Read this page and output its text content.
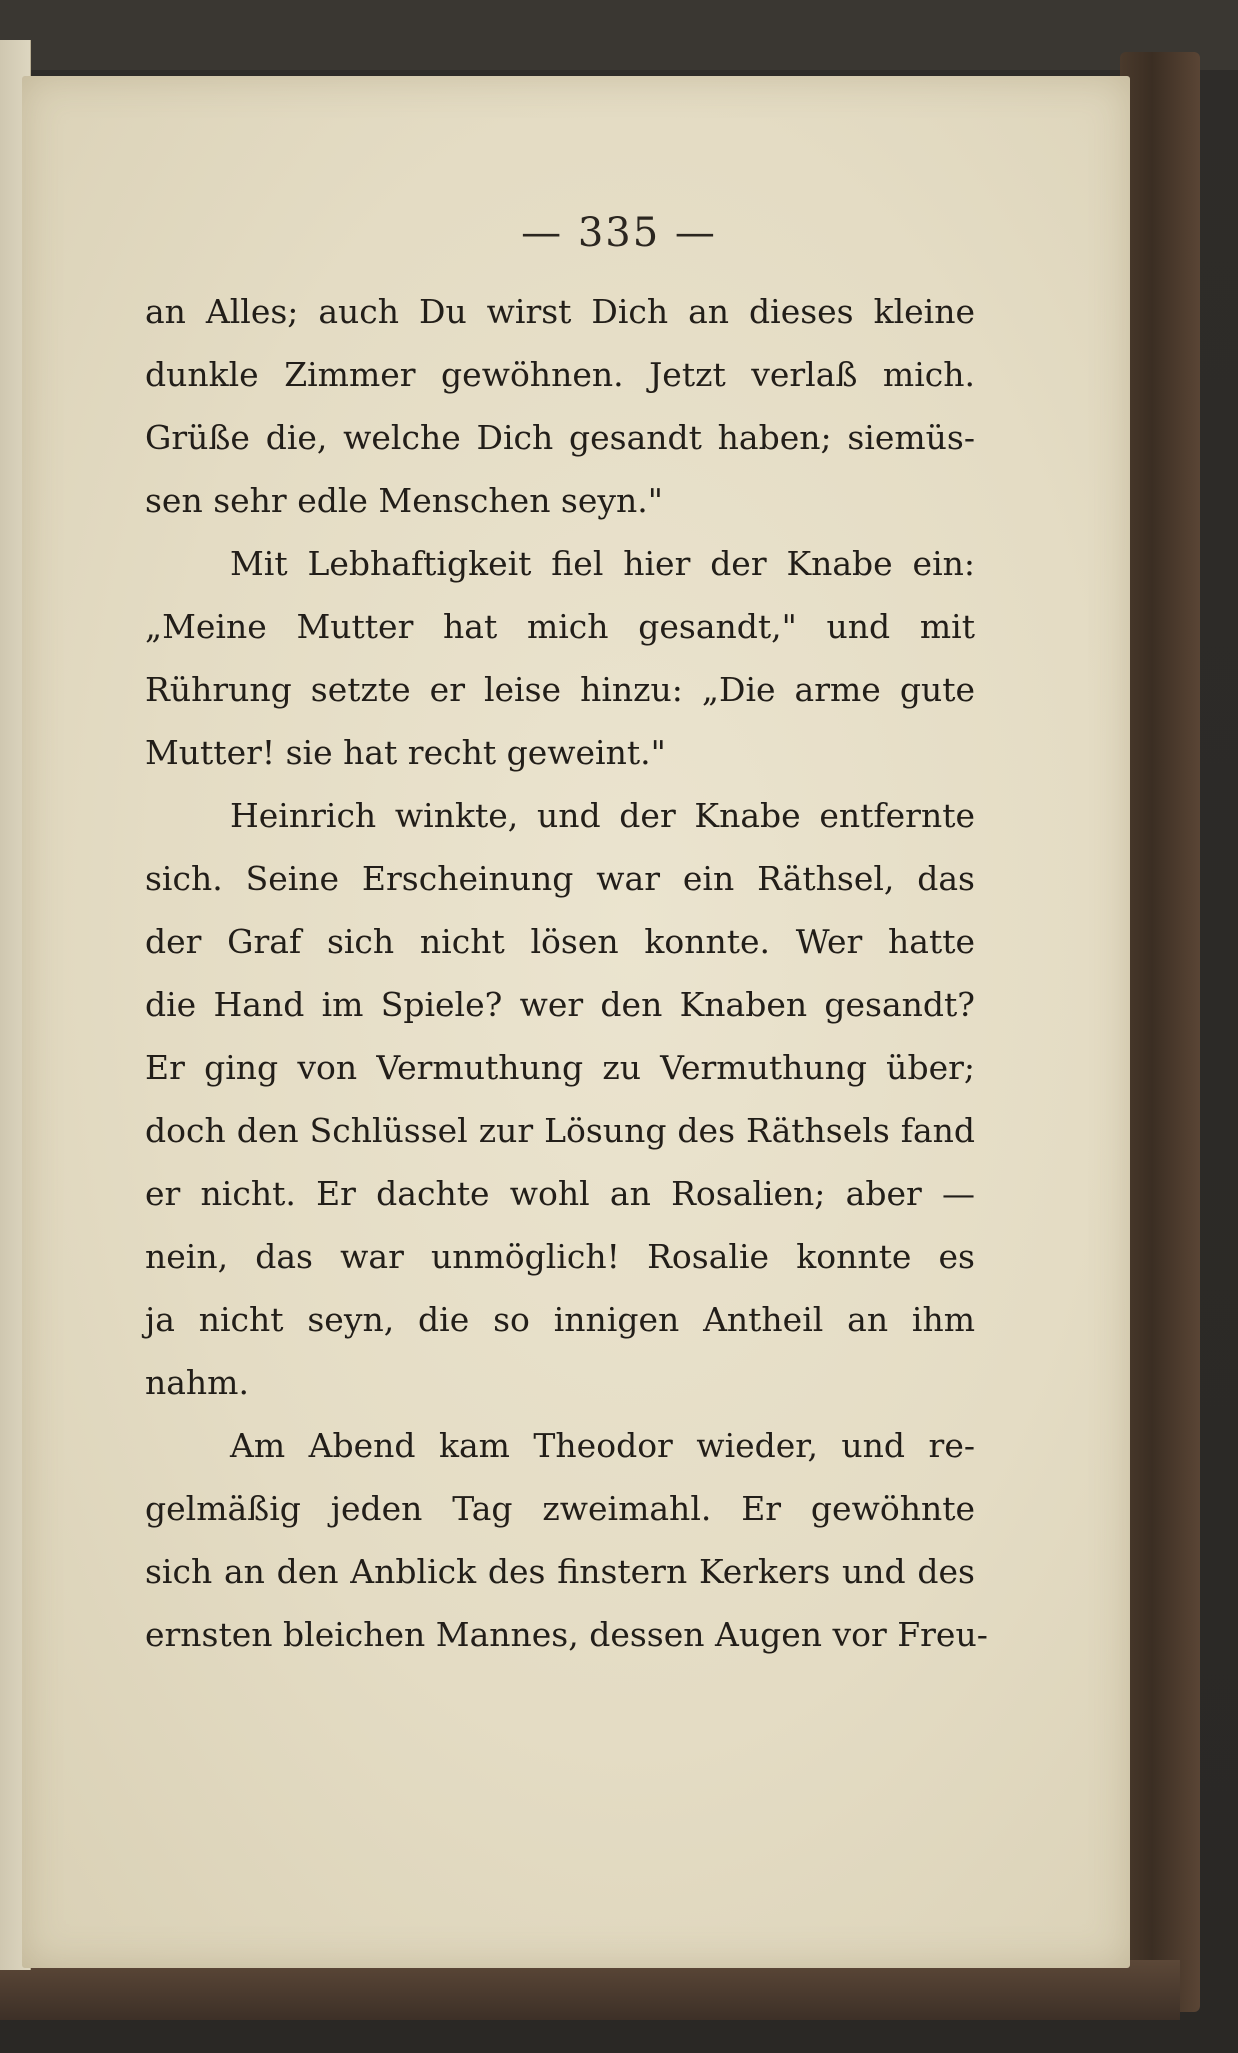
— 335 —
an Alles; auch Du wirst Dich an dieses kleine
dunkle Zimmer gewöhnen. Jetzt verlaß mich.
Grüße die, welche Dich gesandt haben; siemüs-
sen sehr edle Menschen seyn."
Mit Lebhaftigkeit fiel hier der Knabe ein:
„Meine Mutter hat mich gesandt," und mit
Rührung setzte er leise hinzu: „Die arme gute
Mutter! sie hat recht geweint."
Heinrich winkte, und der Knabe entfernte
sich. Seine Erscheinung war ein Räthsel, das
der Graf sich nicht lösen konnte. Wer hatte
die Hand im Spiele? wer den Knaben gesandt?
Er ging von Vermuthung zu Vermuthung über;
doch den Schlüssel zur Lösung des Räthsels fand
er nicht. Er dachte wohl an Rosalien; aber —
nein, das war unmöglich! Rosalie konnte es
ja nicht seyn, die so innigen Antheil an ihm
nahm.
Am Abend kam Theodor wieder, und re-
gelmäßig jeden Tag zweimahl. Er gewöhnte
sich an den Anblick des finstern Kerkers und des
ernsten bleichen Mannes, dessen Augen vor Freu-
